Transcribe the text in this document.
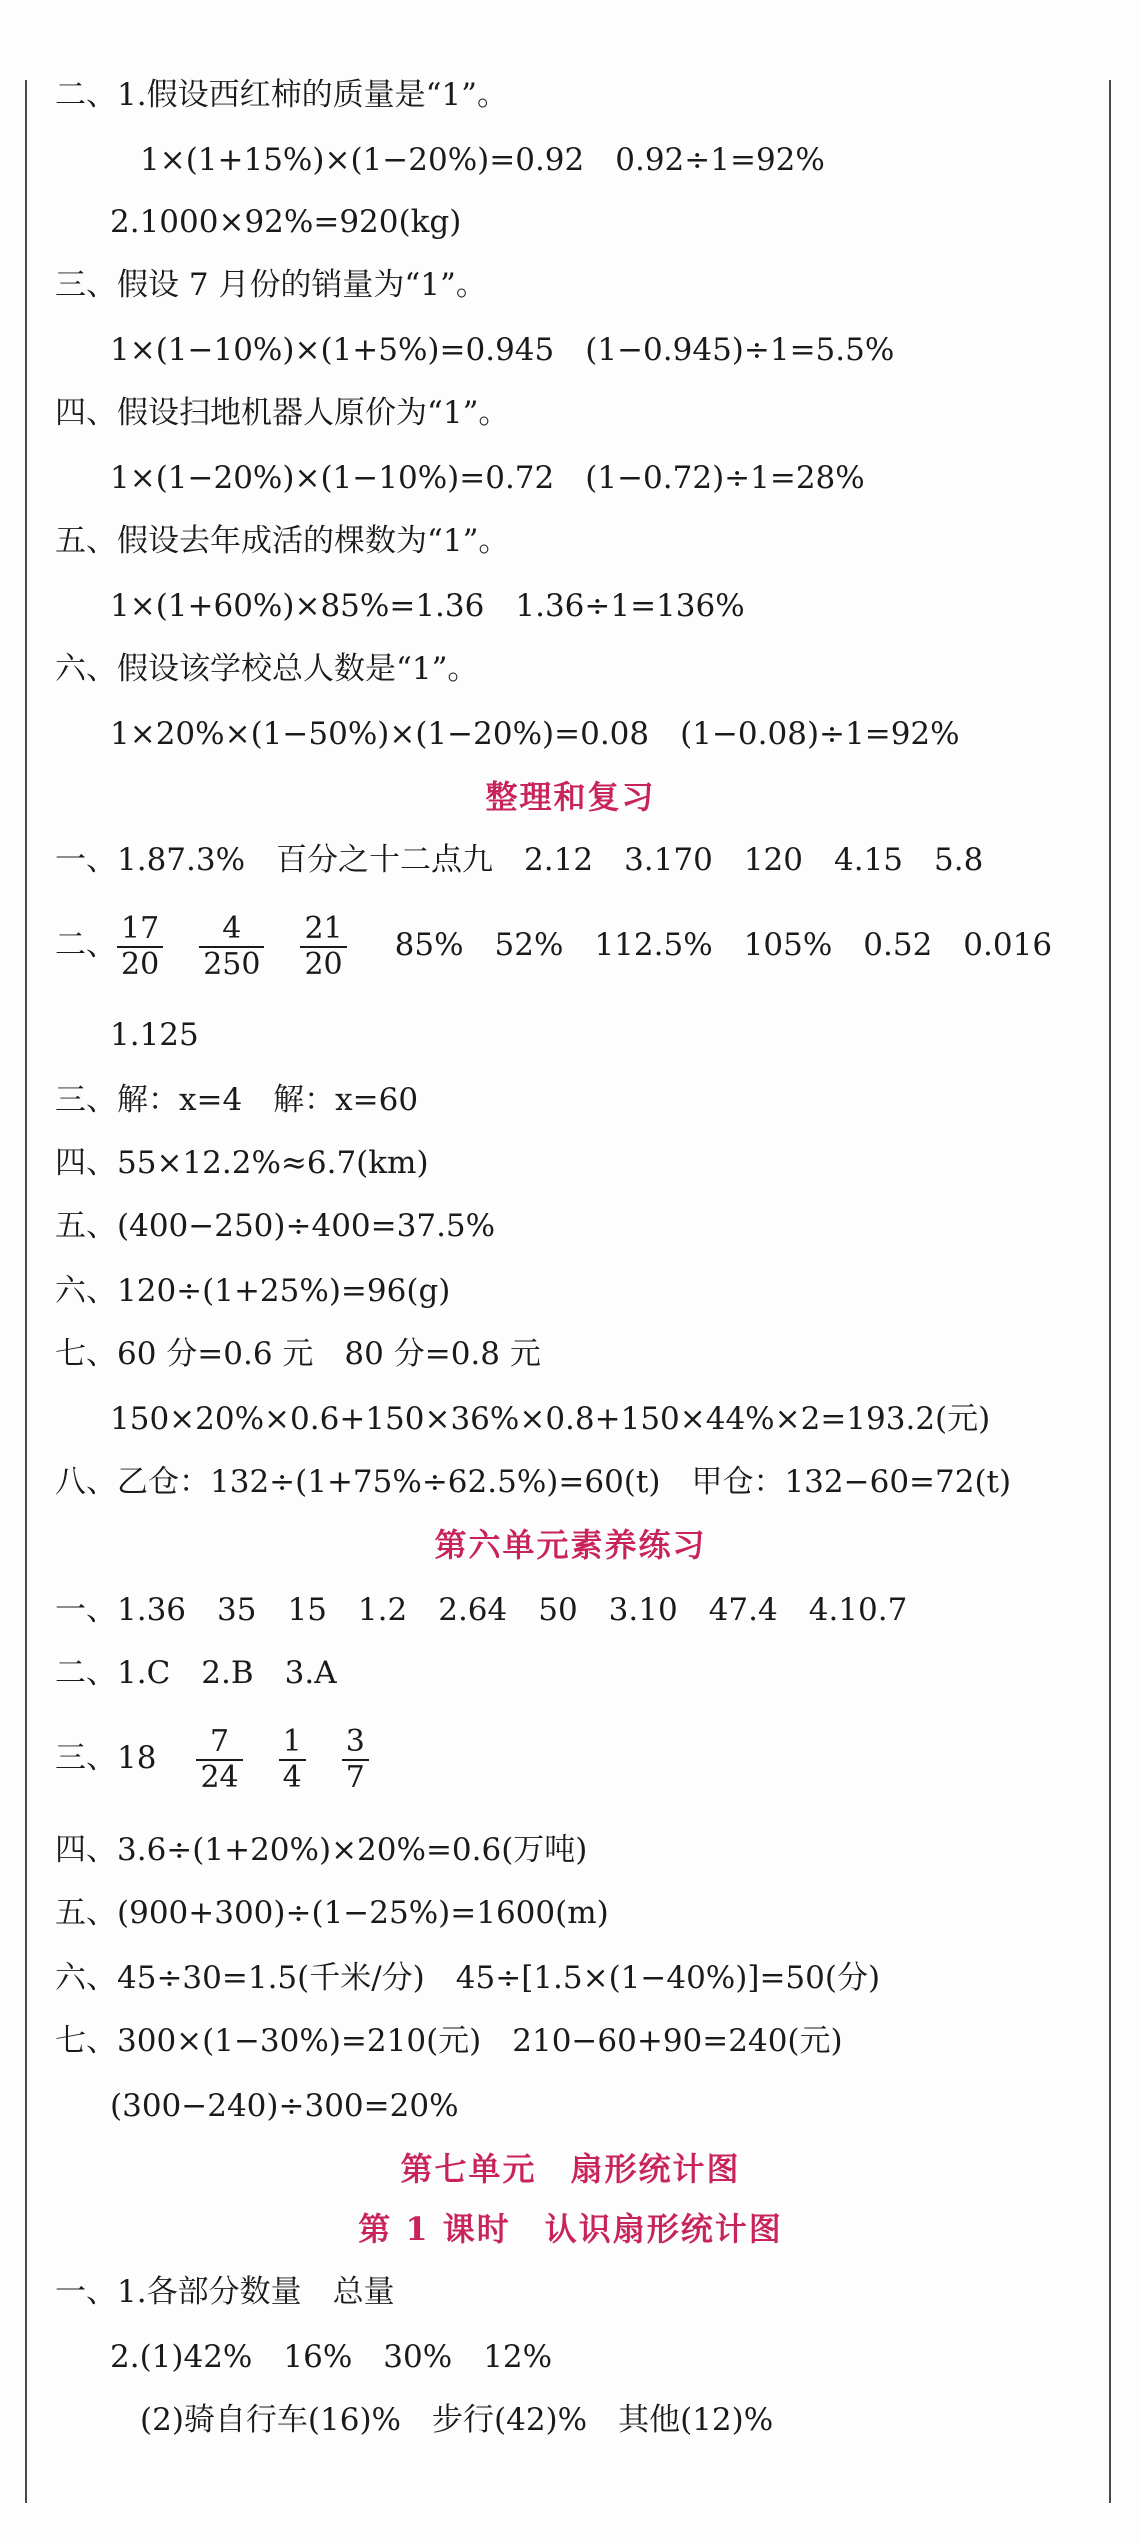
二、1.假设西红柿的质量是“1”。
1×(1+15%)×(1−20%)=0.92　0.92÷1=92%
2.1000×92%=920(kg)
三、假设 7 月份的销量为“1”。
1×(1−10%)×(1+5%)=0.945　(1−0.945)÷1=5.5%
四、假设扫地机器人原价为“1”。
1×(1−20%)×(1−10%)=0.72　(1−0.72)÷1=28%
五、假设去年成活的棵数为“1”。
1×(1+60%)×85%=1.36　1.36÷1=136%
六、假设该学校总人数是“1”。
1×20%×(1−50%)×(1−20%)=0.08　(1−0.08)÷1=92%
整理和复习
一、1.87.3%　百分之十二点九　2.12　3.170　120　4.15　5.8
二、 $\frac{17}{20} \frac{4}{250} \frac{21}{20} 85\%$　52%　112.5%　105%　0.52　0.016
1.125
三、解：x=4　解：x=60
四、55×12.2%≈6.7(km)
五、(400−250)÷400=37.5%
六、120÷(1+25%)=96(g)
七、60 分=0.6 元　80 分=0.8 元
150×20%×0.6+150×36%×0.8+150×44%×2=193.2(元)
八、乙仓：132÷(1+75%÷62.5%)=60(t)　甲仓：132−60=72(t)
第六单元素养练习
一、1.36　35　15　1.2　2.64　50　3.10　47.4　4.10.7
二、1.C　2.B　3.A
三、$18 \frac{7}{24} \frac{1}{4} \frac{3}{7}$
四、3.6÷(1+20%)×20%=0.6(万吨)
五、(900+300)÷(1−25%)=1600(m)
六、45÷30=1.5(千米/分)　45÷[1.5×(1−40%)]=50(分)
七、300×(1−30%)=210(元)　210−60+90=240(元)
(300−240)÷300=20%
第七单元　扇形统计图
第 1 课时　认识扇形统计图
一、1.各部分数量　总量
2.(1)42%　16%　30%　12%
(2)骑自行车(16)%　步行(42)%　其他(12)%
